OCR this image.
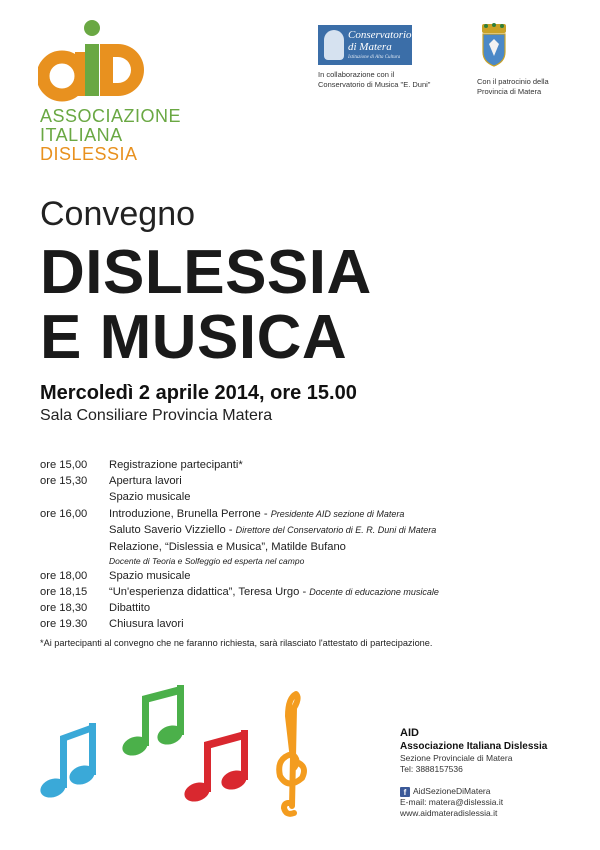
ASSOCIAZIONE
ITALIANA
DISLESSIA
Conservatorio di Matera
Istituzione di Alta Cultura
In collaborazione con il
Conservatorio di Musica "E. Duni"	Con il patrocinio della
Provincia di Matera
Convegno
DISLESSIA
E MUSICA
Mercoledì 2 aprile 2014, ore 15.00
Sala Consiliare Provincia Matera
ore 15,00 Registrazione partecipanti*
ore 15,30 Apertura lavori
Spazio musicale
ore 16,00 Introduzione, Brunella Perrone - Presidente AID sezione di Matera
Saluto Saverio Vizziello - Direttore del Conservatorio di E. R. Duni di Matera
Relazione, “Dislessia e Musica”, Matilde Bufano
Docente di Teoria e Solfeggio ed esperta nel campo
ore 18,00 Spazio musicale
ore 18,15 “Un'esperienza didattica”, Teresa Urgo - Docente di educazione musicale
ore 18,30 Dibattito
ore 19.30 Chiusura lavori
*Ai partecipanti al convegno che ne faranno richiesta, sarà rilasciato l'attestato di partecipazione.
AID
Associazione Italiana Dislessia
Sezione Provinciale di Matera
Tel: 3888157536
f AidSezioneDiMatera
E-mail: matera@dislessia.it
www.aidmateradislessia.it
